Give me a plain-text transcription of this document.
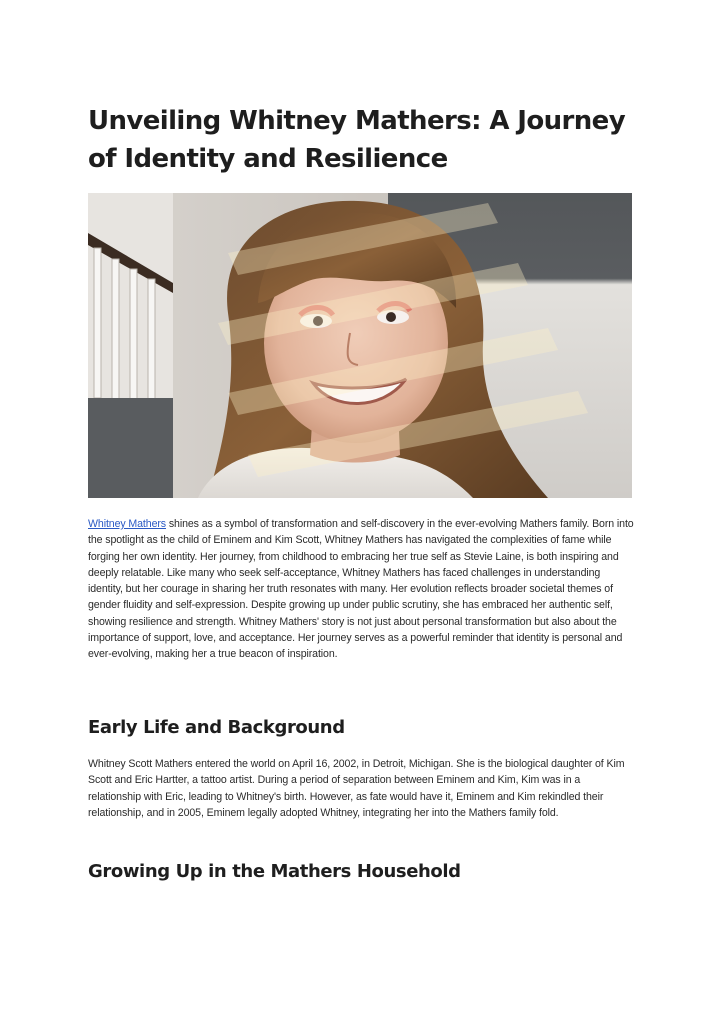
Unveiling Whitney Mathers: A Journey of Identity and Resilience

Whitney Mathers shines as a symbol of transformation and self-discovery in the ever-evolving Mathers family. Born into the spotlight as the child of Eminem and Kim Scott, Whitney Mathers has navigated the complexities of fame while forging her own identity. Her journey, from childhood to embracing her true self as Stevie Laine, is both inspiring and deeply relatable. Like many who seek self-acceptance, Whitney Mathers has faced challenges in understanding identity, but her courage in sharing her truth resonates with many. Her evolution reflects broader societal themes of gender fluidity and self-expression. Despite growing up under public scrutiny, she has embraced her authentic self, showing resilience and strength. Whitney Mathers' story is not just about personal transformation but also about the importance of support, love, and acceptance. Her journey serves as a powerful reminder that identity is personal and ever-evolving, making her a true beacon of inspiration.

Early Life and Background

Whitney Scott Mathers entered the world on April 16, 2002, in Detroit, Michigan. She is the biological daughter of Kim Scott and Eric Hartter, a tattoo artist. During a period of separation between Eminem and Kim, Kim was in a relationship with Eric, leading to Whitney's birth. However, as fate would have it, Eminem and Kim rekindled their relationship, and in 2005, Eminem legally adopted Whitney, integrating her into the Mathers family fold.

Growing Up in the Mathers Household
